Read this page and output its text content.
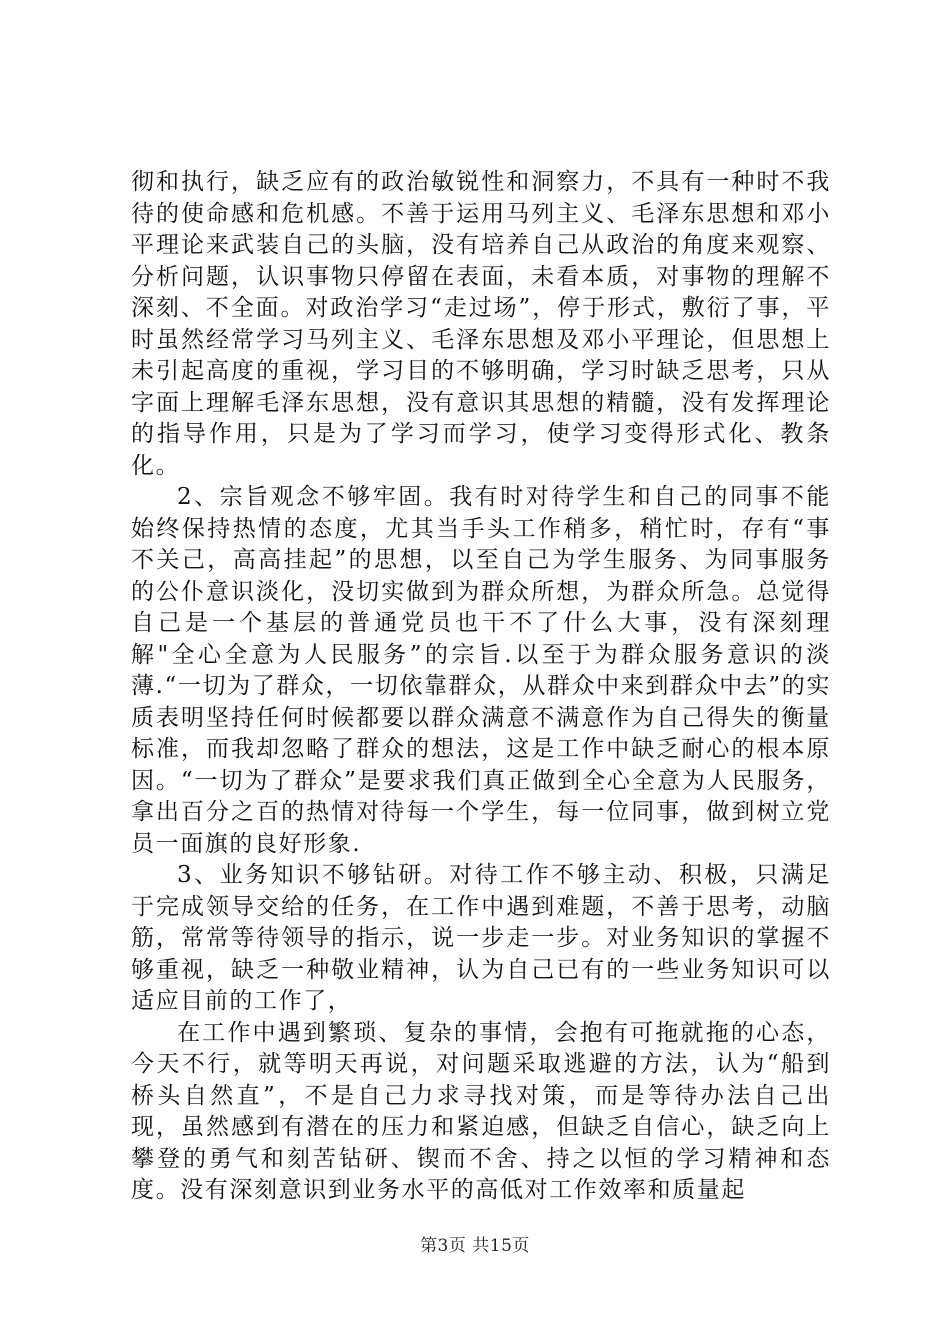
彻和执行，缺乏应有的政治敏锐性和洞察力，不具有一种时不我待的使命感和危机感。不善于运用马列主义、毛泽东思想和邓小平理论来武装自己的头脑，没有培养自己从政治的角度来观察、分析问题，认识事物只停留在表面，未看本质，对事物的理解不深刻、不全面。对政治学习“走过场”，停于形式，敷衍了事，平时虽然经常学习马列主义、毛泽东思想及邓小平理论，但思想上未引起高度的重视，学习目的不够明确，学习时缺乏思考，只从字面上理解毛泽东思想，没有意识其思想的精髓，没有发挥理论的指导作用，只是为了学习而学习，使学习变得形式化、教条化。

2、宗旨观念不够牢固。我有时对待学生和自己的同事不能始终保持热情的态度，尤其当手头工作稍多，稍忙时，存有“事不关己，高高挂起”的思想，以至自己为学生服务、为同事服务的公仆意识淡化，没切实做到为群众所想，为群众所急。总觉得自己是一个基层的普通党员也干不了什么大事，没有深刻理解"全心全意为人民服务”的宗旨.以至于为群众服务意识的淡薄.“一切为了群众，一切依靠群众，从群众中来到群众中去”的实质表明坚持任何时候都要以群众满意不满意作为自己得失的衡量标准，而我却忽略了群众的想法，这是工作中缺乏耐心的根本原因。“一切为了群众”是要求我们真正做到全心全意为人民服务，拿出百分之百的热情对待每一个学生，每一位同事，做到树立党员一面旗的良好形象.

3、业务知识不够钻研。对待工作不够主动、积极，只满足于完成领导交给的任务，在工作中遇到难题，不善于思考，动脑筋，常常等待领导的指示，说一步走一步。对业务知识的掌握不够重视，缺乏一种敬业精神，认为自己已有的一些业务知识可以适应目前的工作了，

在工作中遇到繁琐、复杂的事情，会抱有可拖就拖的心态，今天不行，就等明天再说，对问题采取逃避的方法，认为“船到桥头自然直”，不是自己力求寻找对策，而是等待办法自己出现，虽然感到有潜在的压力和紧迫感，但缺乏自信心，缺乏向上攀登的勇气和刻苦钻研、锲而不舍、持之以恒的学习精神和态度。没有深刻意识到业务水平的高低对工作效率和质量起

第3页 共15页
